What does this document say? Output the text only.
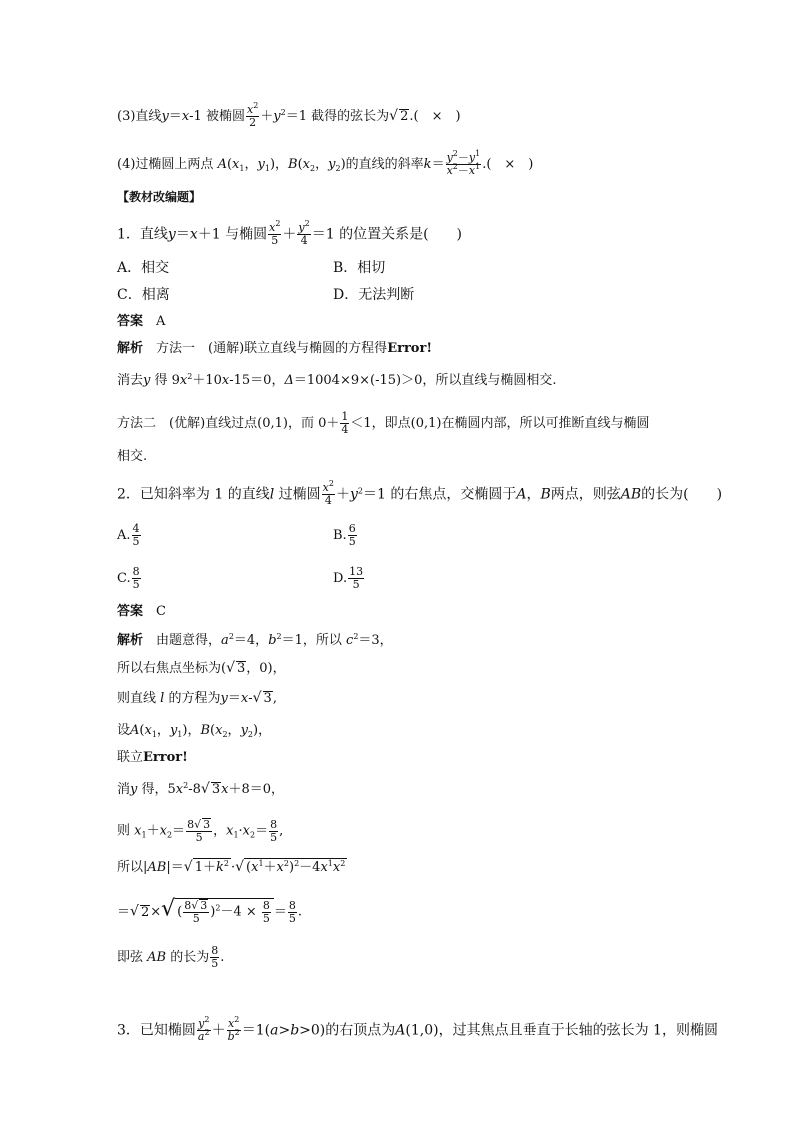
(3)直线y＝x-1 被椭圆 $\frac{x^2}{2} +y^2=1$ 截得的弦长为√ 2.(　×　)
(4)过椭圆上两点 $A(x_1$，$y_1$)，$B(x_2$，$y_2$)的直线的斜率$k= \frac{y^2-y^1}{x^2-x^1}$ .(　×　)
【教材改编题】
1．直线y＝x＋1 与椭圆 $\frac{x^2}{5} + \frac{y^2}{4} =1$ 的位置关系是(　　)
A．相交	B．相切
C．相离	D．无法判断
答案　 A
解析　 方法一　(通解)联立直线与椭圆的方程得Error!
消去y 得 $9x^2+10x-15=0$，Δ＝1004×9×(-15)＞0，所以直线与椭圆相交.
方法二　(优解)直线过点(0,1)，而 $0+ \frac{1}{4} <1$，即点(0,1)在椭圆内部，所以可推断直线与椭圆
相交.
2．已知斜率为 1 的直线l 过椭圆 $\frac{x^2}{4} +y^2=1$ 的右焦点，交椭圆于A，B两点，则弦AB的长为(　　)
A. $\frac{4}{5}$	B. $\frac{6}{5}$
C. $\frac{8}{5}$	D. $\frac{13}{5}$
答案　 C
解析　 由题意得，$a^2=4$，$b^2=1$，所以 $c^2=3$，
所以右焦点坐标为(√ 3，0)，
则直线 l 的方程为y＝x-√ 3,
设$A(x_1$，$y_1$)，$B(x_2$，$y_2$)，
联立Error!
消y 得，$5x^2-8√$ 3x＋8＝0，
则 $x_1+x_2= \frac{8√ 3}{5}$ ，$x_1\cdot x_2= \frac{8}{5}$ ,
所以|AB|＝√ $1+k^2$ ·√ $(x^1+x^2)^2-4x^1x^2$
＝√ 2×√ ( $\frac{8√ 3}{5} )^2-4 \times \frac{8}{5} = \frac{8}{5}$ .
即弦 AB 的长为 $\frac{8}{5}$ .
3．已知椭圆 $\frac{y^2}{a^2} + \frac{x^2}{b^2} =1(a>b>0)$的右顶点为A(1,0)，过其焦点且垂直于长轴的弦长为 1，则椭圆
